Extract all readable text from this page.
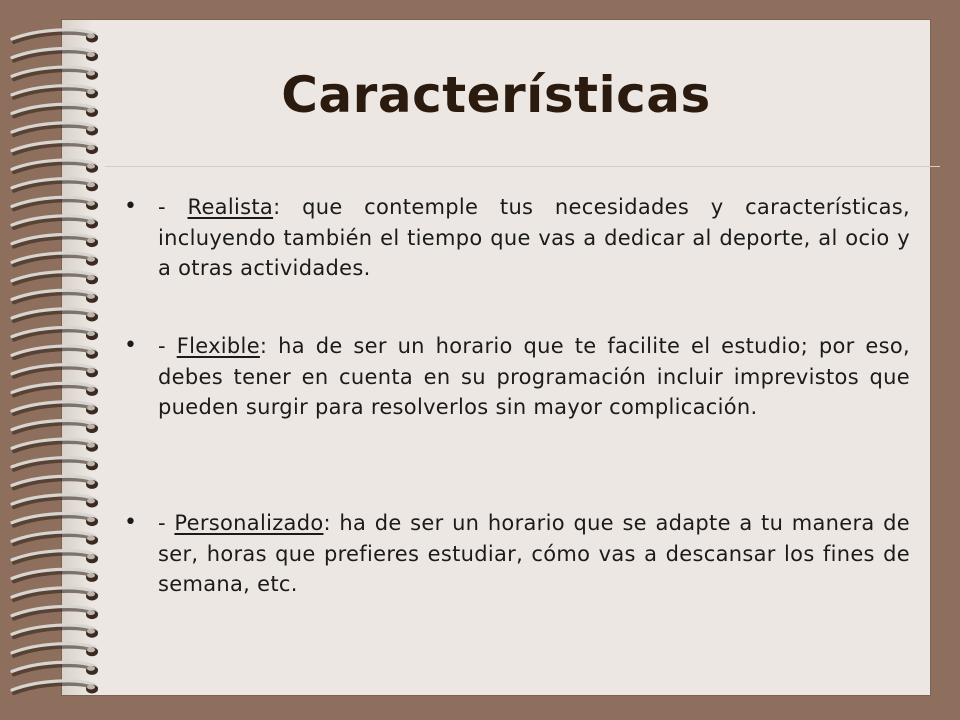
Características
• - Realista: que contemple tus necesidades y características, incluyendo también el tiempo que vas a dedicar al deporte, al ocio y a otras actividades.
• - Flexible: ha de ser un horario que te facilite el estudio; por eso, debes tener en cuenta en su programación incluir imprevistos que pueden surgir para resolverlos sin mayor complicación.
• - Personalizado: ha de ser un horario que se adapte a tu manera de ser, horas que prefieres estudiar, cómo vas a descansar los fines de semana, etc.
